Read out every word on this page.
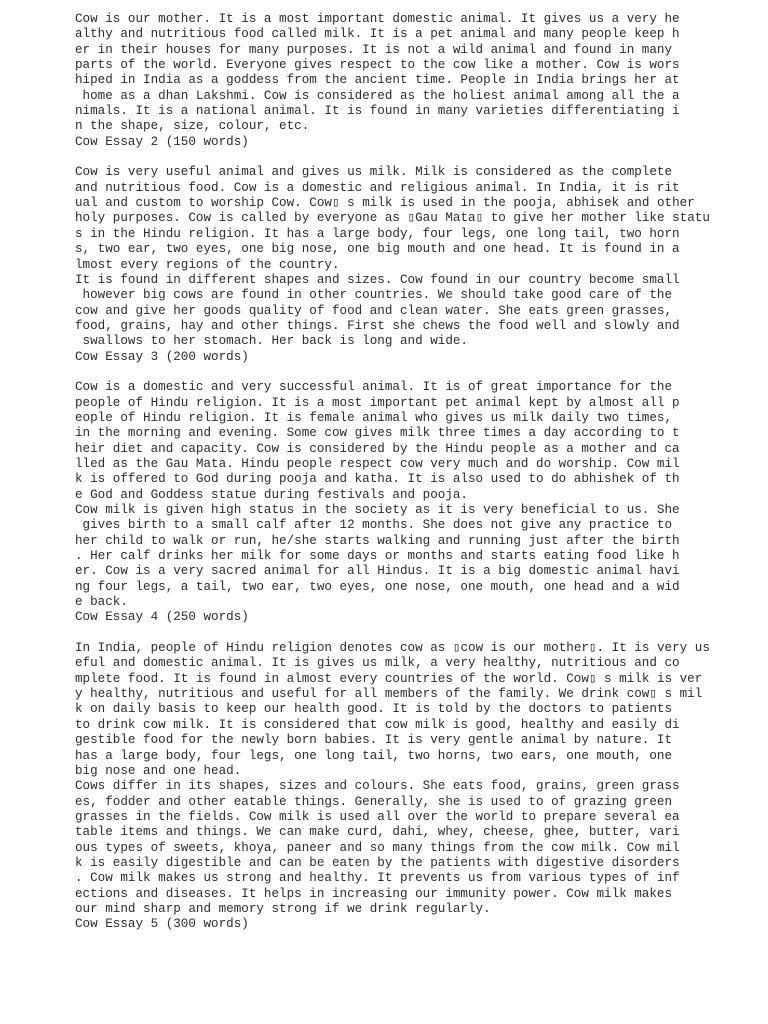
Cow is our mother. It is a most important domestic animal. It gives us a very he
althy and nutritious food called milk. It is a pet animal and many people keep h
er in their houses for many purposes. It is not a wild animal and found in many
parts of the world. Everyone gives respect to the cow like a mother. Cow is wors
hiped in India as a goddess from the ancient time. People in India brings her at
home as a dhan Lakshmi. Cow is considered as the holiest animal among all the a
nimals. It is a national animal. It is found in many varieties differentiating i
n the shape, size, colour, etc.
Cow Essay 2 (150 words)
Cow is very useful animal and gives us milk. Milk is considered as the complete
and nutritious food. Cow is a domestic and religious animal. In India, it is rit
ual and custom to worship Cow. Cow▯ s milk is used in the pooja, abhisek and other
holy purposes. Cow is called by everyone as ▯Gau Mata▯ to give her mother like statu
s in the Hindu religion. It has a large body, four legs, one long tail, two horn
s, two ear, two eyes, one big nose, one big mouth and one head. It is found in a
lmost every regions of the country.
It is found in different shapes and sizes. Cow found in our country become small
however big cows are found in other countries. We should take good care of the
cow and give her goods quality of food and clean water. She eats green grasses,
food, grains, hay and other things. First she chews the food well and slowly and
swallows to her stomach. Her back is long and wide.
Cow Essay 3 (200 words)
Cow is a domestic and very successful animal. It is of great importance for the
people of Hindu religion. It is a most important pet animal kept by almost all p
eople of Hindu religion. It is female animal who gives us milk daily two times,
in the morning and evening. Some cow gives milk three times a day according to t
heir diet and capacity. Cow is considered by the Hindu people as a mother and ca
lled as the Gau Mata. Hindu people respect cow very much and do worship. Cow mil
k is offered to God during pooja and katha. It is also used to do abhishek of th
e God and Goddess statue during festivals and pooja.
Cow milk is given high status in the society as it is very beneficial to us. She
gives birth to a small calf after 12 months. She does not give any practice to
her child to walk or run, he/she starts walking and running just after the birth
. Her calf drinks her milk for some days or months and starts eating food like h
er. Cow is a very sacred animal for all Hindus. It is a big domestic animal havi
ng four legs, a tail, two ear, two eyes, one nose, one mouth, one head and a wid
e back.
Cow Essay 4 (250 words)
In India, people of Hindu religion denotes cow as ▯cow is our mother▯. It is very us
eful and domestic animal. It is gives us milk, a very healthy, nutritious and co
mplete food. It is found in almost every countries of the world. Cow▯ s milk is ver
y healthy, nutritious and useful for all members of the family. We drink cow▯ s mil
k on daily basis to keep our health good. It is told by the doctors to patients
to drink cow milk. It is considered that cow milk is good, healthy and easily di
gestible food for the newly born babies. It is very gentle animal by nature. It
has a large body, four legs, one long tail, two horns, two ears, one mouth, one
big nose and one head.
Cows differ in its shapes, sizes and colours. She eats food, grains, green grass
es, fodder and other eatable things. Generally, she is used to of grazing green
grasses in the fields. Cow milk is used all over the world to prepare several ea
table items and things. We can make curd, dahi, whey, cheese, ghee, butter, vari
ous types of sweets, khoya, paneer and so many things from the cow milk. Cow mil
k is easily digestible and can be eaten by the patients with digestive disorders
. Cow milk makes us strong and healthy. It prevents us from various types of inf
ections and diseases. It helps in increasing our immunity power. Cow milk makes
our mind sharp and memory strong if we drink regularly.
Cow Essay 5 (300 words)
